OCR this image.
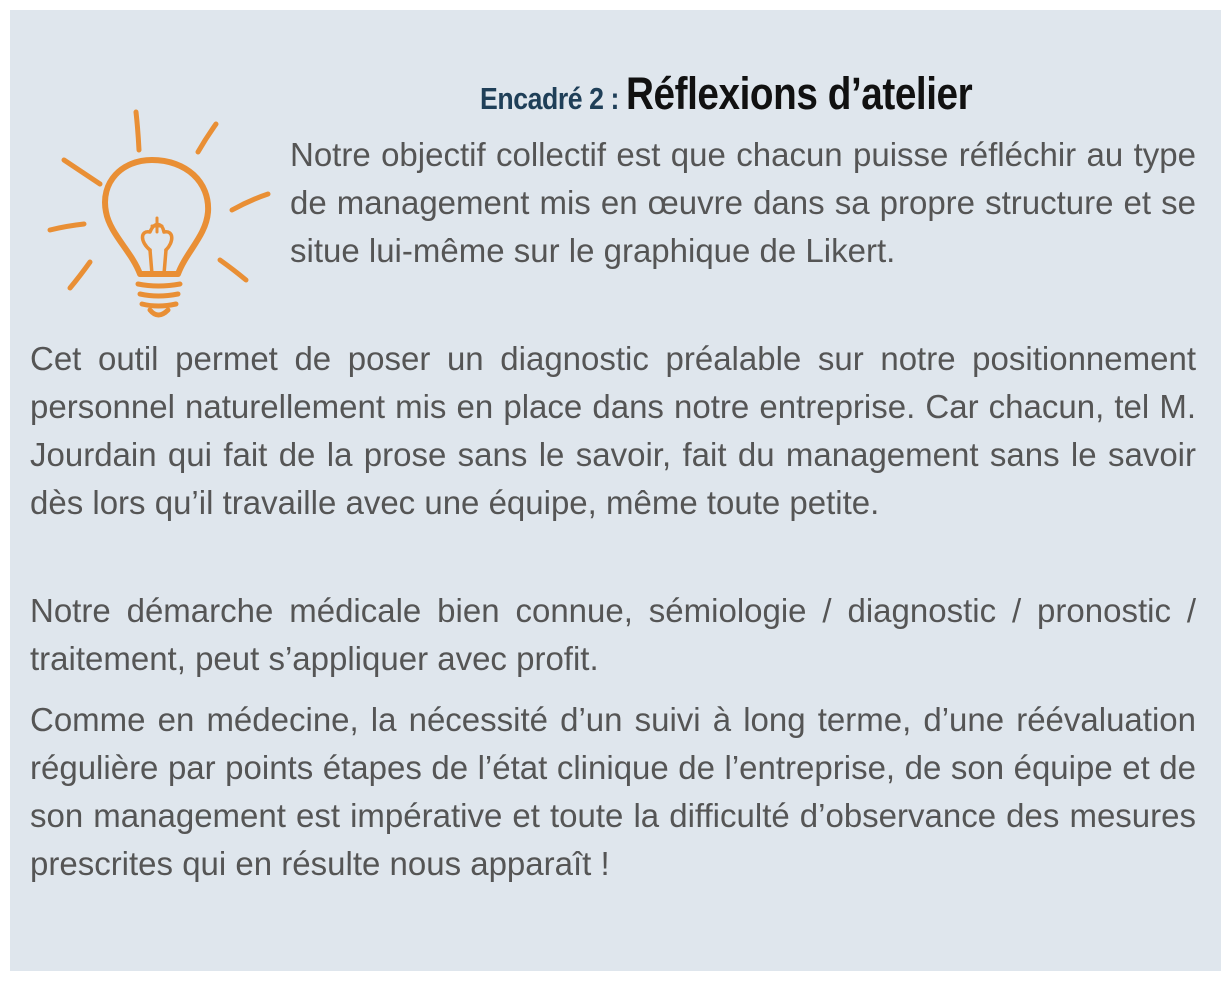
Encadré 2 : Réflexions d’atelier

Notre objectif collectif est que chacun puisse réfléchir au type de management mis en œuvre dans sa propre structure et se situe lui-même sur le graphique de Likert.

Cet outil permet de poser un diagnostic préalable sur notre positionnement personnel naturellement mis en place dans notre entreprise. Car chacun, tel M. Jourdain qui fait de la prose sans le savoir, fait du management sans le savoir dès lors qu’il travaille avec une équipe, même toute petite.

Notre démarche médicale bien connue, sémiologie / diagnostic / pronostic / traitement, peut s’appliquer avec profit.

Comme en médecine, la nécessité d’un suivi à long terme, d’une réévaluation régulière par points étapes de l’état clinique de l’entreprise, de son équipe et de son management est impérative et toute la difficulté d’observance des mesures prescrites qui en résulte nous apparaît !
